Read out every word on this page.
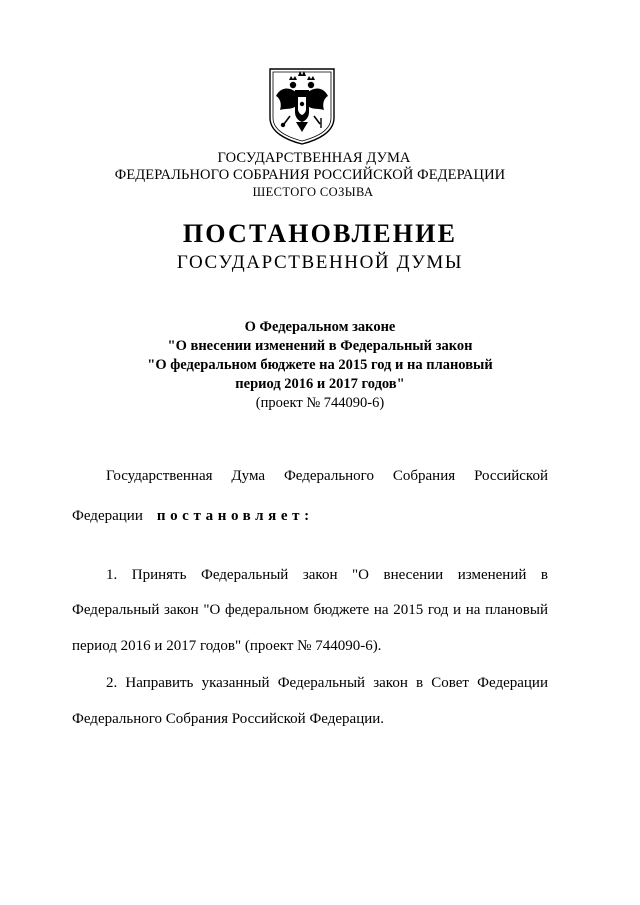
ГОСУДАРСТВЕННАЯ ДУМА
ФЕДЕРАЛЬНОГО СОБРАНИЯ РОССИЙСКОЙ ФЕДЕРАЦИИ
ШЕСТОГО СОЗЫВА
ПОСТАНОВЛЕНИЕ
ГОСУДАРСТВЕННОЙ ДУМЫ
О Федеральном законе
"О внесении изменений в Федеральный закон
"О федеральном бюджете на 2015 год и на плановый
период 2016 и 2017 годов"
(проект № 744090-6)
Государственная Дума Федерального Собрания Российской
Федерации постановляет:
1. Принять Федеральный закон "О внесении изменений в
Федеральный закон "О федеральном бюджете на 2015 год и на плановый
период 2016 и 2017 годов" (проект № 744090-6).
2. Направить указанный Федеральный закон в Совет Федерации
Федерального Собрания Российской Федерации.
